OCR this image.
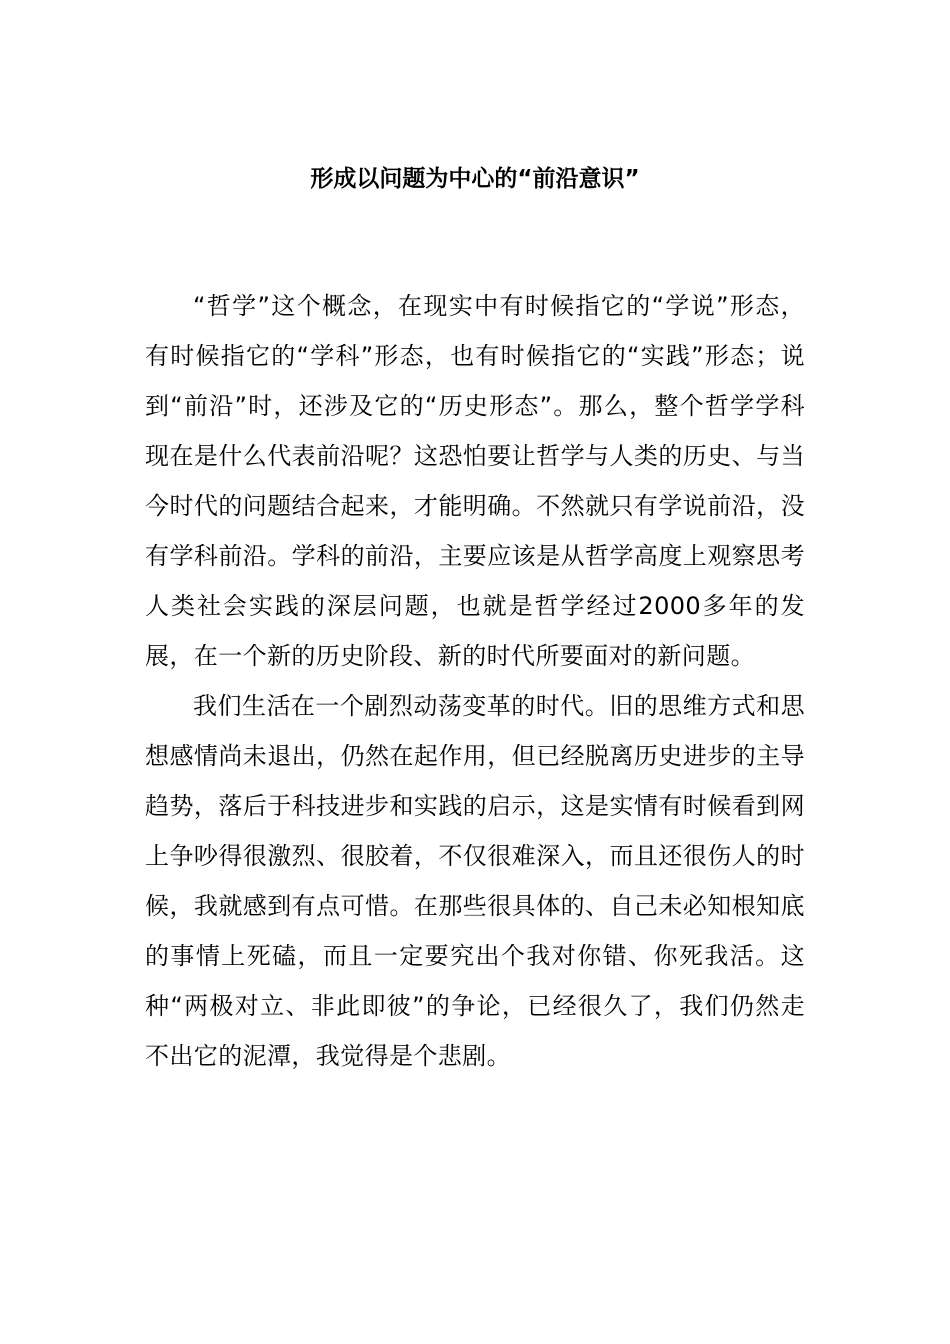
形成以问题为中心的“前沿意识”

“哲学”这个概念，在现实中有时候指它的“学说”形态，有时候指它的“学科”形态，也有时候指它的“实践”形态；说到“前沿”时，还涉及它的“历史形态”。那么，整个哲学学科现在是什么代表前沿呢？这恐怕要让哲学与人类的历史、与当今时代的问题结合起来，才能明确。不然就只有学说前沿，没有学科前沿。学科的前沿，主要应该是从哲学高度上观察思考人类社会实践的深层问题，也就是哲学经过2000多年的发展，在一个新的历史阶段、新的时代所要面对的新问题。

我们生活在一个剧烈动荡变革的时代。旧的思维方式和思想感情尚未退出，仍然在起作用，但已经脱离历史进步的主导趋势，落后于科技进步和实践的启示，这是实情有时候看到网上争吵得很激烈、很胶着，不仅很难深入，而且还很伤人的时候，我就感到有点可惜。在那些很具体的、自己未必知根知底的事情上死磕，而且一定要究出个我对你错、你死我活。这种“两极对立、非此即彼”的争论，已经很久了，我们仍然走不出它的泥潭，我觉得是个悲剧。
